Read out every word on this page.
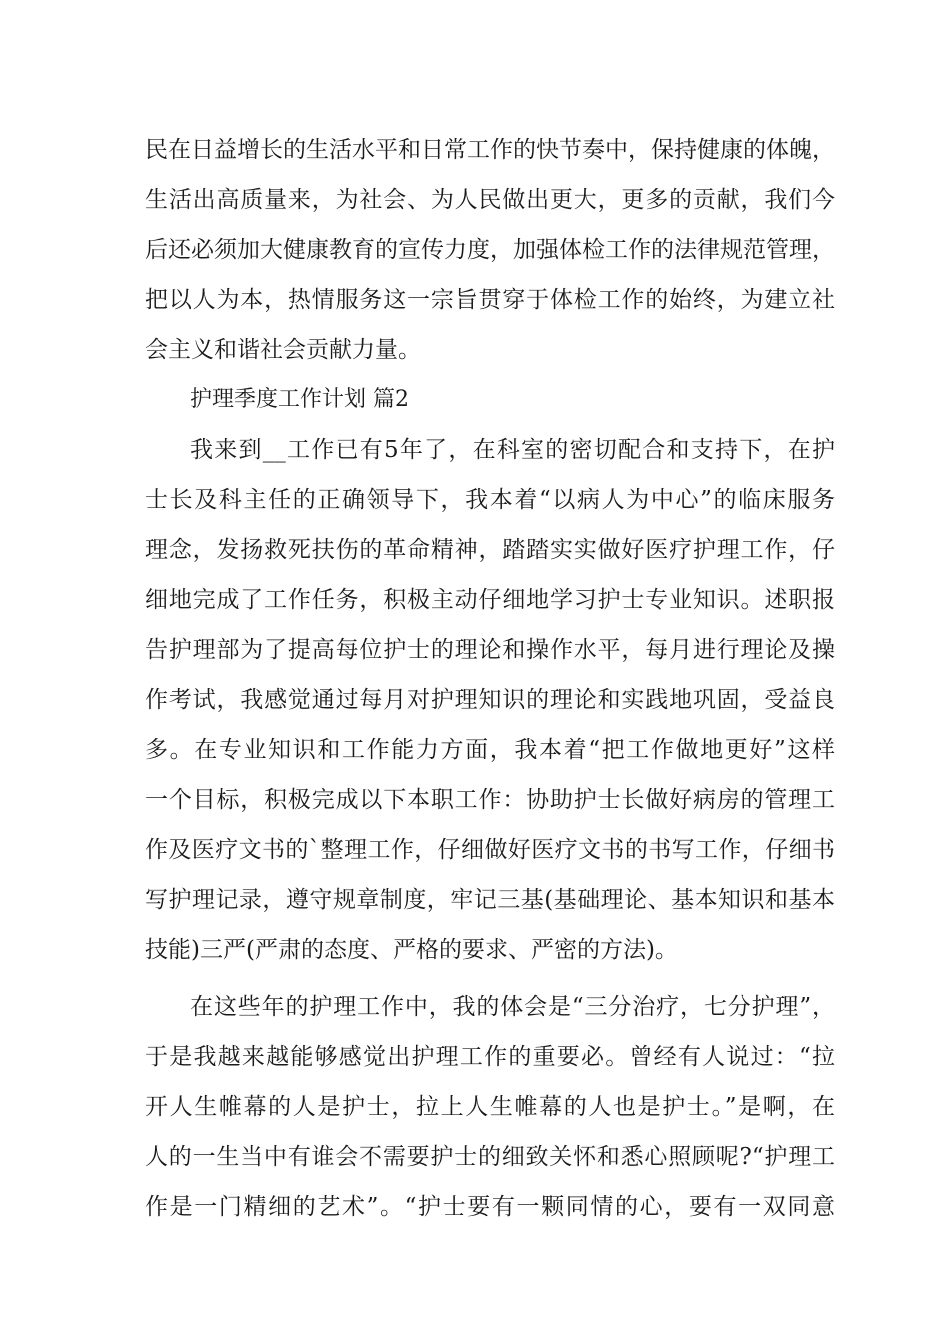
民在日益增长的生活水平和日常工作的快节奏中，保持健康的体魄，
生活出高质量来，为社会、为人民做出更大，更多的贡献，我们今
后还必须加大健康教育的宣传力度，加强体检工作的法律规范管理，
把以人为本，热情服务这一宗旨贯穿于体检工作的始终，为建立社
会主义和谐社会贡献力量。
护理季度工作计划 篇2
我来到__工作已有5年了，在科室的密切配合和支持下，在护
士长及科主任的正确领导下，我本着“以病人为中心”的临床服务
理念，发扬救死扶伤的革命精神，踏踏实实做好医疗护理工作，仔
细地完成了工作任务，积极主动仔细地学习护士专业知识。述职报
告护理部为了提高每位护士的理论和操作水平，每月进行理论及操
作考试，我感觉通过每月对护理知识的理论和实践地巩固，受益良
多。在专业知识和工作能力方面，我本着“把工作做地更好”这样
一个目标，积极完成以下本职工作：协助护士长做好病房的管理工
作及医疗文书的`整理工作，仔细做好医疗文书的书写工作，仔细书
写护理记录，遵守规章制度，牢记三基(基础理论、基本知识和基本
技能)三严(严肃的态度、严格的要求、严密的方法)。
在这些年的护理工作中，我的体会是“三分治疗，七分护理”，
于是我越来越能够感觉出护理工作的重要必。曾经有人说过：“拉
开人生帷幕的人是护士，拉上人生帷幕的人也是护士。”是啊，在
人的一生当中有谁会不需要护士的细致关怀和悉心照顾呢?“护理工
作是一门精细的艺术”。“护士要有一颗同情的心，要有一双同意
